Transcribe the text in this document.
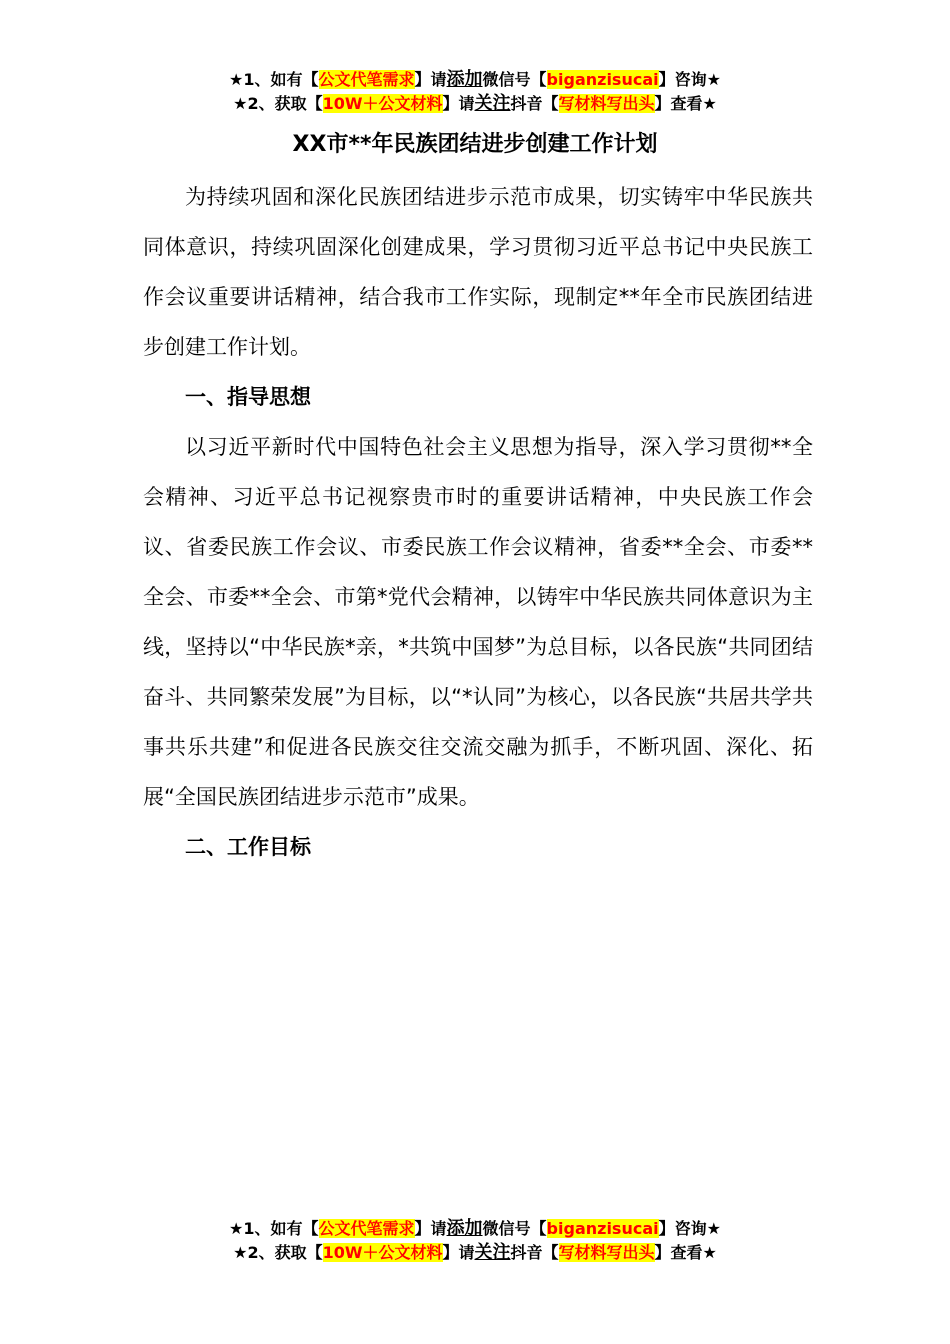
★1、如有【公文代笔需求】请添加微信号【biganzisucai】咨询★
★2、获取【10W＋公文材料】请关注抖音【写材料写出头】查看★
XX市**年民族团结进步创建工作计划

为持续巩固和深化民族团结进步示范市成果，切实铸牢中华民族共同体意识，持续巩固深化创建成果，学习贯彻习近平总书记中央民族工作会议重要讲话精神，结合我市工作实际，现制定**年全市民族团结进步创建工作计划。

一、指导思想

以习近平新时代中国特色社会主义思想为指导，深入学习贯彻**全会精神、习近平总书记视察贵市时的重要讲话精神，中央民族工作会议、省委民族工作会议、市委民族工作会议精神，省委**全会、市委**全会、市委**全会、市第*党代会精神，以铸牢中华民族共同体意识为主线，坚持以“中华民族*亲，*共筑中国梦”为总目标，以各民族“共同团结奋斗、共同繁荣发展”为目标，以“*认同”为核心，以各民族“共居共学共事共乐共建”和促进各民族交往交流交融为抓手，不断巩固、深化、拓展“全国民族团结进步示范市”成果。

二、工作目标
★1、如有【公文代笔需求】请添加微信号【biganzisucai】咨询★
★2、获取【10W＋公文材料】请关注抖音【写材料写出头】查看★
